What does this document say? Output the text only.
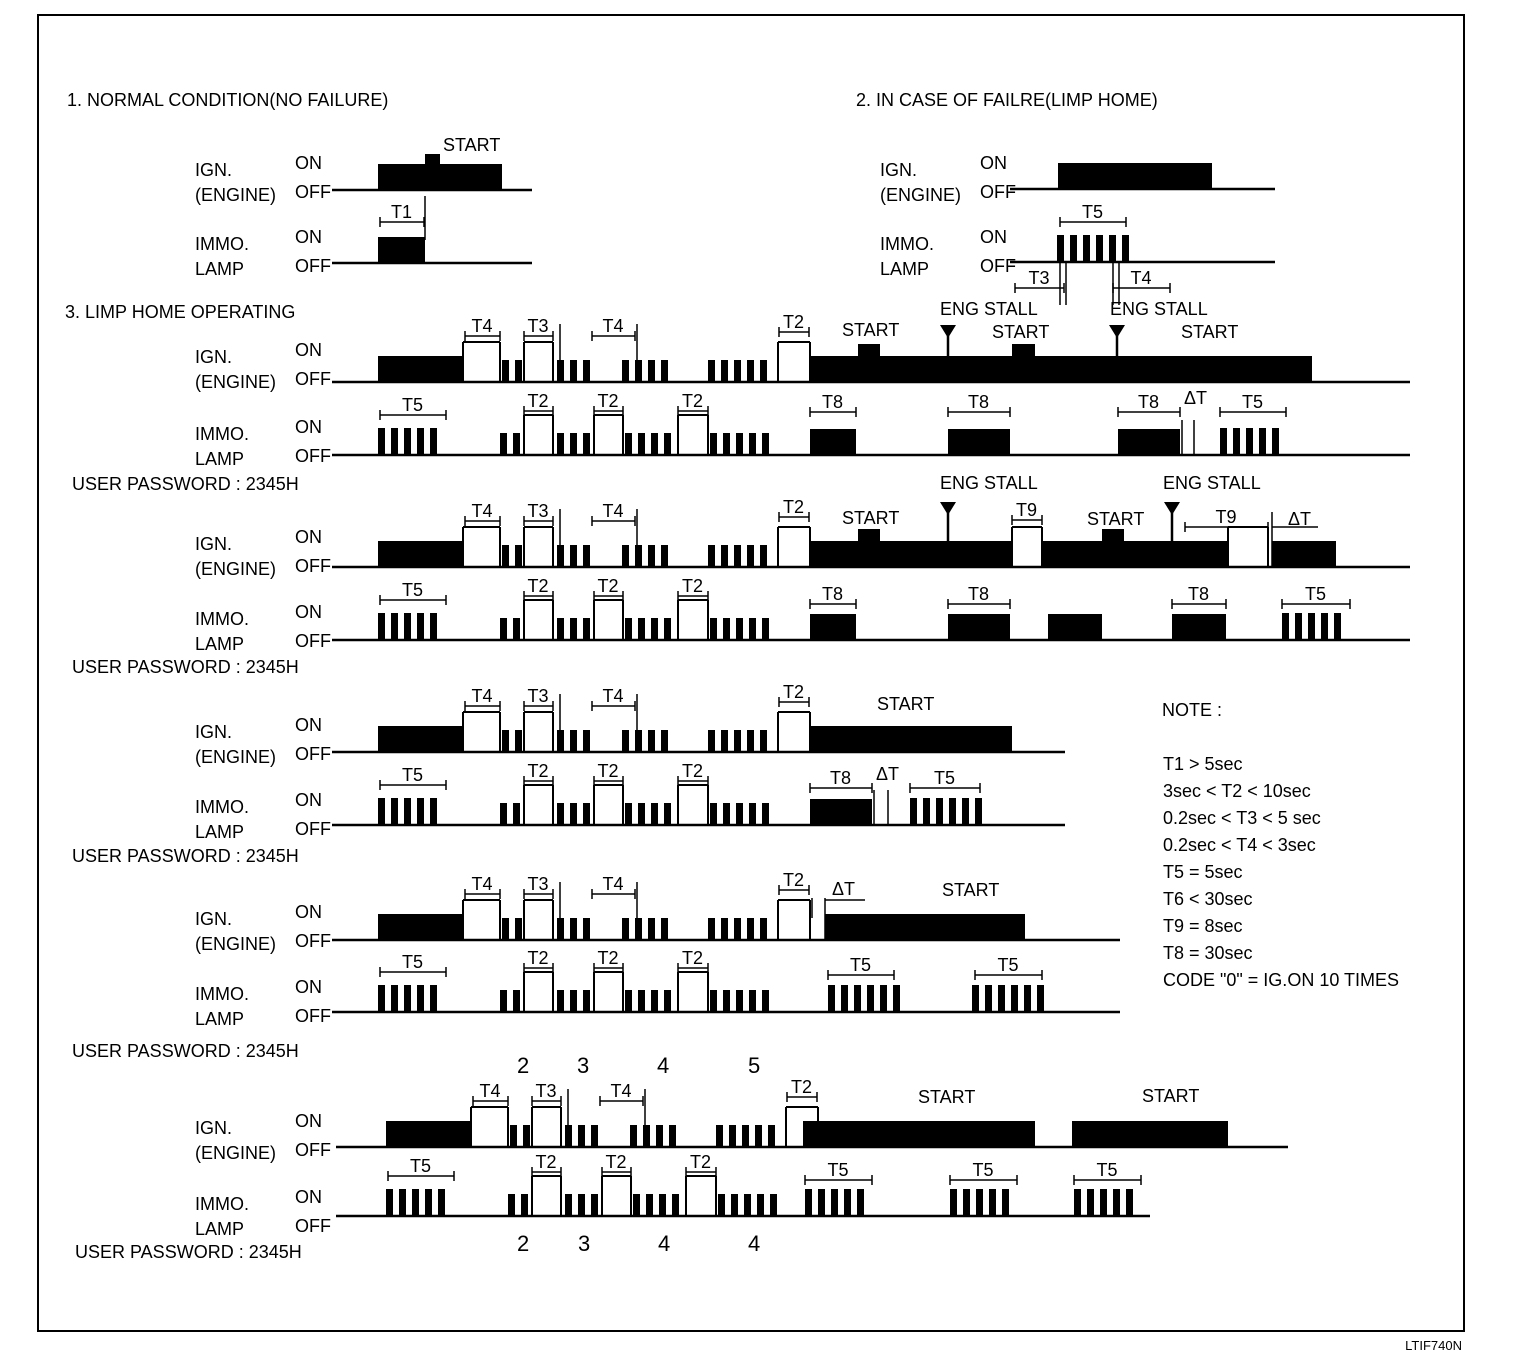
1. NORMAL CONDITION(NO FAILURE)	2. IN CASE OF FAILRE(LIMP HOME)
3. LIMP HOME OPERATING
IGN.
(ENGINE)
ON
OFF
IMMO.
LAMP
ON
OFF
START
T1
IGN.
(ENGINE)
ON
OFF
IMMO.
LAMP
ON
OFF
T5
T3	T4
IGN.
(ENGINE)
ON
OFF
IMMO.
LAMP
ON
OFF
T4 T3	T4	T2
T5	T2	T2	T2
START	START	START
ENG STALL	ENG STALL
T8	T8	T8 ΔT T5
USER PASSWORD : 2345H
IGN.
(ENGINE)
ON
OFF
IMMO.
LAMP
ON
OFF
T4 T3	T4	T2
T5	T2	T2	T2
START
ENG STALL
T9	START
ENG STALL
T9	ΔT
T8	T8	T8	T5
USER PASSWORD : 2345H
IGN.
(ENGINE)
ON
OFF
IMMO.
LAMP
ON
OFF
T4 T3	T4	T2
T5	T2	T2	T2
START
T8 ΔT T5
USER PASSWORD : 2345H
IGN.
(ENGINE)
ON
OFF
IMMO.
LAMP
ON
OFF
T4 T3	T4	T2
T5	T2	T2	T2
ΔT	START
T5	T5
USER PASSWORD : 2345H
IGN.
(ENGINE)
ON
OFF
IMMO.
LAMP
ON
OFF
T4 T3	T4	T2
T5	T2	T2	T2
START	START
T5	T5	T5
USER PASSWORD : 2345H
2 3	4	5
2 3	4	4
NOTE :
T1 > 5sec
3sec < T2 < 10sec
0.2sec < T3 < 5 sec
0.2sec < T4 < 3sec
T5 = 5sec
T6 < 30sec
T9 = 8sec
T8 = 30sec
CODE "0" = IG.ON 10 TIMES
LTIF740N
